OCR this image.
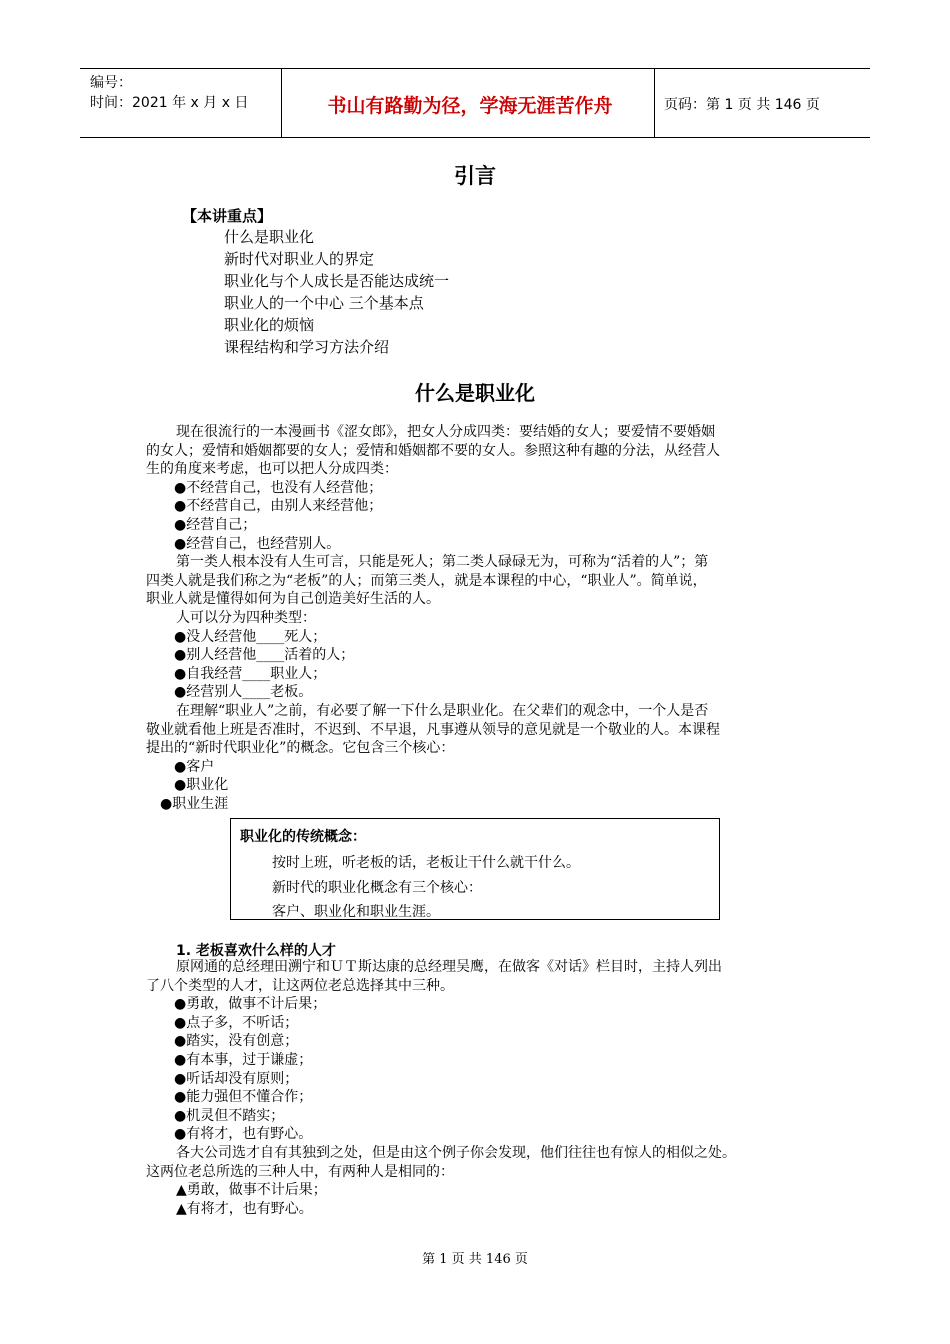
编号：
时间：2021 年 x 月 x 日	书山有路勤为径，学海无涯苦作舟	页码：第 1 页 共 146 页
引言
【本讲重点】
什么是职业化
新时代对职业人的界定
职业化与个人成长是否能达成统一
职业人的一个中心 三个基本点
职业化的烦恼
课程结构和学习方法介绍
什么是职业化
现在很流行的一本漫画书《涩女郎》，把女人分成四类：要结婚的女人；要爱情不要婚姻
的女人；爱情和婚姻都要的女人；爱情和婚姻都不要的女人。参照这种有趣的分法，从经营人
生的角度来考虑，也可以把人分成四类：
●不经营自己，也没有人经营他；
●不经营自己，由别人来经营他；
●经营自己；
●经营自己，也经营别人。
第一类人根本没有人生可言，只能是死人；第二类人碌碌无为，可称为“活着的人”；第
四类人就是我们称之为“老板”的人；而第三类人，就是本课程的中心，“职业人”。简单说，
职业人就是懂得如何为自己创造美好生活的人。
人可以分为四种类型：
●没人经营他____死人；
●别人经营他____活着的人；
●自我经营____职业人；
●经营别人____老板。
在理解“职业人”之前，有必要了解一下什么是职业化。在父辈们的观念中，一个人是否
敬业就看他上班是否准时，不迟到、不早退，凡事遵从领导的意见就是一个敬业的人。本课程
提出的“新时代职业化”的概念。它包含三个核心：
●客户
●职业化
●职业生涯
职业化的传统概念：
按时上班，听老板的话，老板让干什么就干什么。
新时代的职业化概念有三个核心：
客户、职业化和职业生涯。
1. 老板喜欢什么样的人才
原网通的总经理田溯宁和ＵＴ斯达康的总经理吴鹰，在做客《对话》栏目时，主持人列出
了八个类型的人才，让这两位老总选择其中三种。
●勇敢，做事不计后果；
●点子多，不听话；
●踏实，没有创意；
●有本事，过于谦虚；
●听话却没有原则；
●能力强但不懂合作；
●机灵但不踏实；
●有将才，也有野心。
各大公司选才自有其独到之处，但是由这个例子你会发现，他们往往也有惊人的相似之处。
这两位老总所选的三种人中，有两种人是相同的：
▲勇敢，做事不计后果；
▲有将才，也有野心。
第 1 页 共 146 页
